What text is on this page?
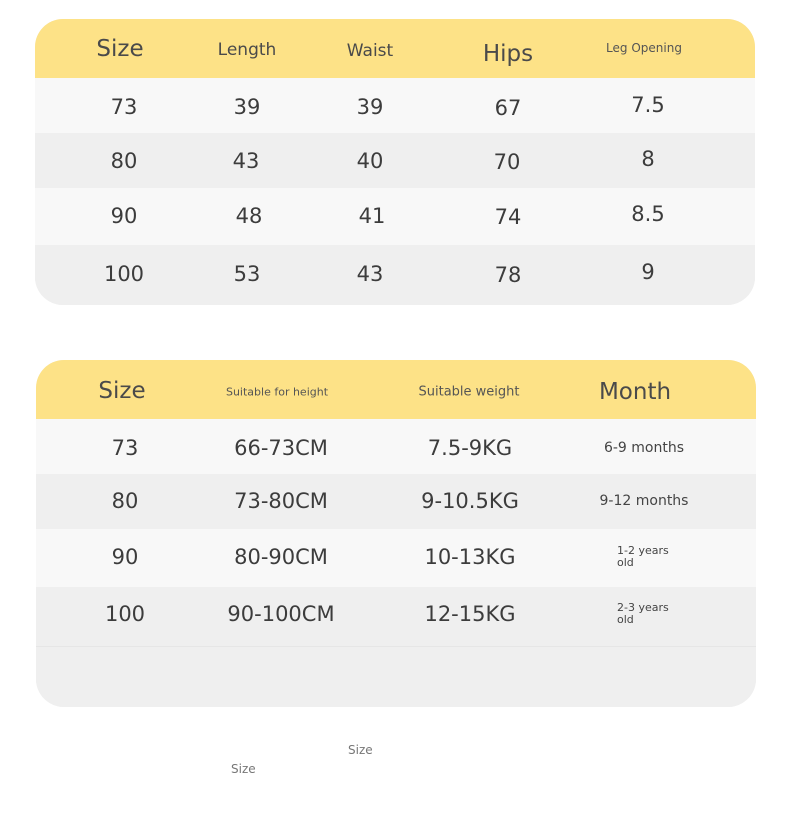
Size	Length	Waist	Hips	Leg Opening
73	39	39	67	7.5
80	43	40	70	8
90	48	41	74	8.5
100	53	43	78	9
Size	Suitable for height	Suitable weight	Month
73	66-73CM	7.5-9KG	6-9 months
80	73-80CM	9-10.5KG	9-12 months
90	80-90CM	10-13KG	1-2 years old
100	90-100CM	12-15KG	2-3 years old
Size
Size
